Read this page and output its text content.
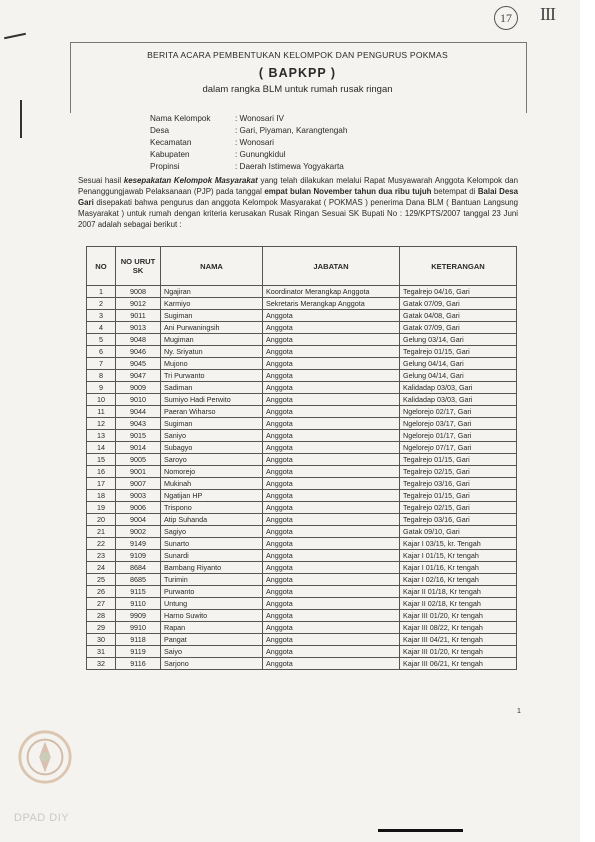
17	III
BERITA ACARA PEMBENTUKAN KELOMPOK DAN PENGURUS POKMAS
( BAPKPP )
dalam rangka BLM untuk rumah rusak ringan
Nama Kelompok	: Wonosari IV
Desa	: Gari, Piyaman, Karangtengah
Kecamatan	: Wonosari
Kabupaten	: Gunungkidul
Propinsi	: Daerah Istimewa Yogyakarta
Sesuai hasil kesepakatan Kelompok Masyarakat yang telah dilakukan melalui Rapat Musyawarah Anggota Kelompok dan Penanggungjawab Pelaksanaan (PJP) pada tanggal empat bulan November tahun dua ribu tujuh betempat di Balai Desa Gari disepakati bahwa pengurus dan anggota Kelompok Masyarakat ( POKMAS ) penerima Dana BLM ( Bantuan Langsung Masyarakat ) untuk rumah dengan kriteria kerusakan Rusak Ringan Sesuai SK Bupati No : 129/KPTS/2007 tanggal 23 Juni 2007 adalah sebagai berikut :
NO	NO URUT SK	NAMA	JABATAN	KETERANGAN
1	9008	Ngajiran	Koordinator Merangkap Anggota	Tegalrejo 04/16, Gari
2	9012	Karmiyo	Sekretaris Merangkap Anggota	Gatak 07/09, Gari
3	9011	Sugiman	Anggota	Gatak 04/08, Gari
4	9013	Ani Purwaningsih	Anggota	Gatak 07/09, Gari
5	9048	Mugiman	Anggota	Gelung 03/14, Gari
6	9046	Ny. Sriyatun	Anggota	Tegalrejo 01/15, Gari
7	9045	Mujono	Anggota	Gelung 04/14, Gari
8	9047	Tri Purwanto	Anggota	Gelung 04/14, Gari
9	9009	Sadiman	Anggota	Kalidadap 03/03, Gari
10	9010	Sumiyo Hadi Perwito	Anggota	Kalidadap 03/03, Gari
11	9044	Paeran Wiharso	Anggota	Ngelorejo 02/17, Gari
12	9043	Sugiman	Anggota	Ngelorejo 03/17, Gari
13	9015	Saniyo	Anggota	Ngelorejo 01/17, Gari
14	9014	Subagyo	Anggota	Ngelorejo 07/17, Gari
15	9005	Saroyo	Anggota	Tegalrejo 01/15, Gari
16	9001	Nomorejo	Anggota	Tegalrejo 02/15, Gari
17	9007	Mukinah	Anggota	Tegalrejo 03/16, Gari
18	9003	Ngatijan HP	Anggota	Tegalrejo 01/15, Gari
19	9006	Trispono	Anggota	Tegalrejo 02/15, Gari
20	9004	Atip Suhanda	Anggota	Tegalrejo 03/16, Gari
21	9002	Sagiyo	Anggota	Gatak 09/10, Gari
22	9149	Sunarto	Anggota	Kajar I 03/15, kr. Tengah
23	9109	Sunardi	Anggota	Kajar I 01/15, Kr tengah
24	8684	Bambang Riyanto	Anggota	Kajar I 01/16, Kr tengah
25	8685	Turimin	Anggota	Kajar I 02/16, Kr tengah
26	9115	Purwanto	Anggota	Kajar II 01/18, Kr tengah
27	9110	Untung	Anggota	Kajar II 02/18, Kr tengah
28	9909	Harno Suwito	Anggota	Kajar III 01/20, Kr tengah
29	9910	Rapan	Anggota	Kajar III 08/22, Kr tengah
30	9118	Pangat	Anggota	Kajar III 04/21, Kr tengah
31	9119	Saiyo	Anggota	Kajar III 01/20, Kr tengah
32	9116	Sarjono	Anggota	Kajar III 06/21, Kr tengah
1
DPAD DIY
